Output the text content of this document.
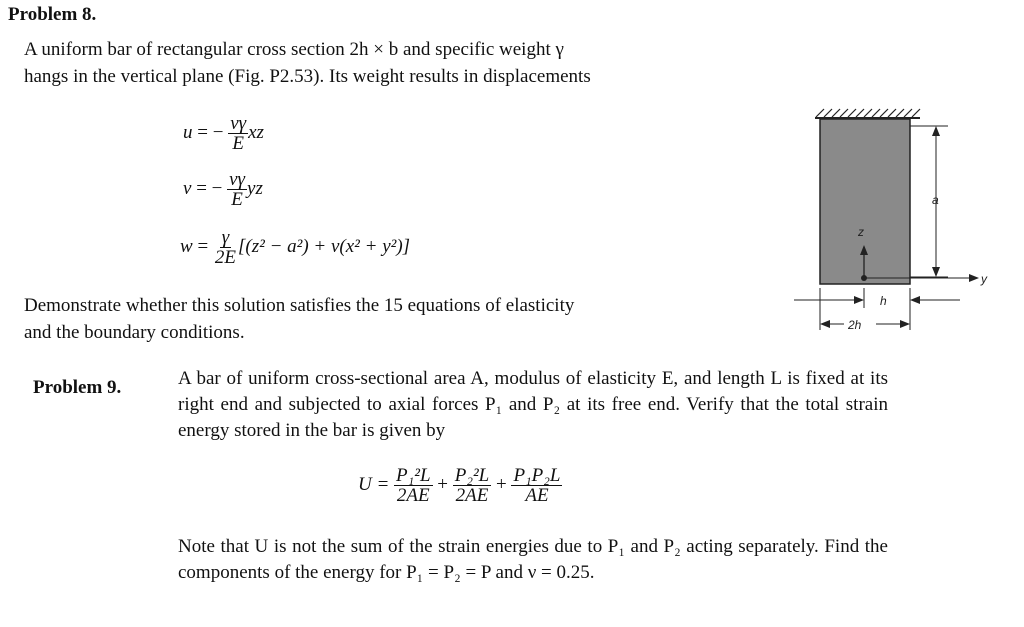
Problem 8.
A uniform bar of rectangular cross section 2h × b and specific weight γ
hangs in the vertical plane (Fig. P2.53). Its weight results in displacements
u = − $\frac{\nu\gamma}{E}$ xz
v = − $\frac{\nu\gamma}{E}$ yz
$w = \frac{\gamma}{2E} [(z^2 - a^2) + \nu(x^2 + y^2)]$
Demonstrate whether this solution satisfies the 15 equations of elasticity
and the boundary conditions.
a
z
y
h
2h
Problem 9.	A bar of uniform cross-sectional area A, modulus of elasticity E, and length L is fixed at its right end and subjected to axial forces P₁ and P₂ at its free end. Verify that the total strain energy stored in the bar is given by
$U = \frac{\text{P₁²L}}{2AE} + \frac{\text{P₂²L}}{2AE} + \frac{\text{P₁P₂L}}{AE}$
Note that U is not the sum of the strain energies due to P₁ and P₂ acting separately. Find the components of the energy for P₁ = P₂ = P and ν = 0.25.
